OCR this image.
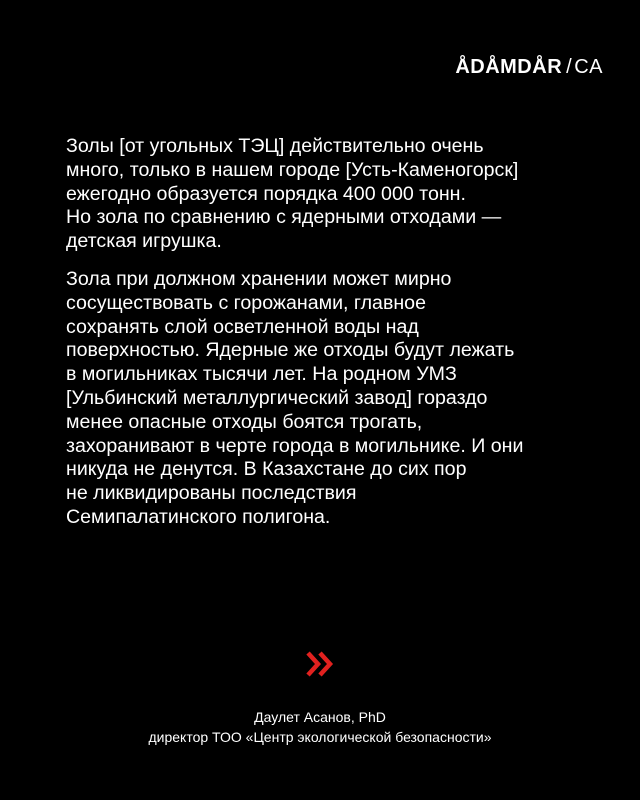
ÅDÅMDÅR / CA
Золы [от угольных ТЭЦ] действительно очень
много, только в нашем городе [Усть-Каменогорск]
ежегодно образуется порядка 400 000 тонн.
Но зола по сравнению с ядерными отходами —
детская игрушка.
Зола при должном хранении может мирно
сосуществовать с горожанами, главное
сохранять слой осветленной воды над
поверхностью. Ядерные же отходы будут лежать
в могильниках тысячи лет. На родном УМЗ
[Ульбинский металлургический завод] гораздо
менее опасные отходы боятся трогать,
захоранивают в черте города в могильнике. И они
никуда не денутся. В Казахстане до сих пор
не ликвидированы последствия
Семипалатинского полигона.
Даулет Асанов, PhD
директор ТОО «Центр экологической безопасности»
